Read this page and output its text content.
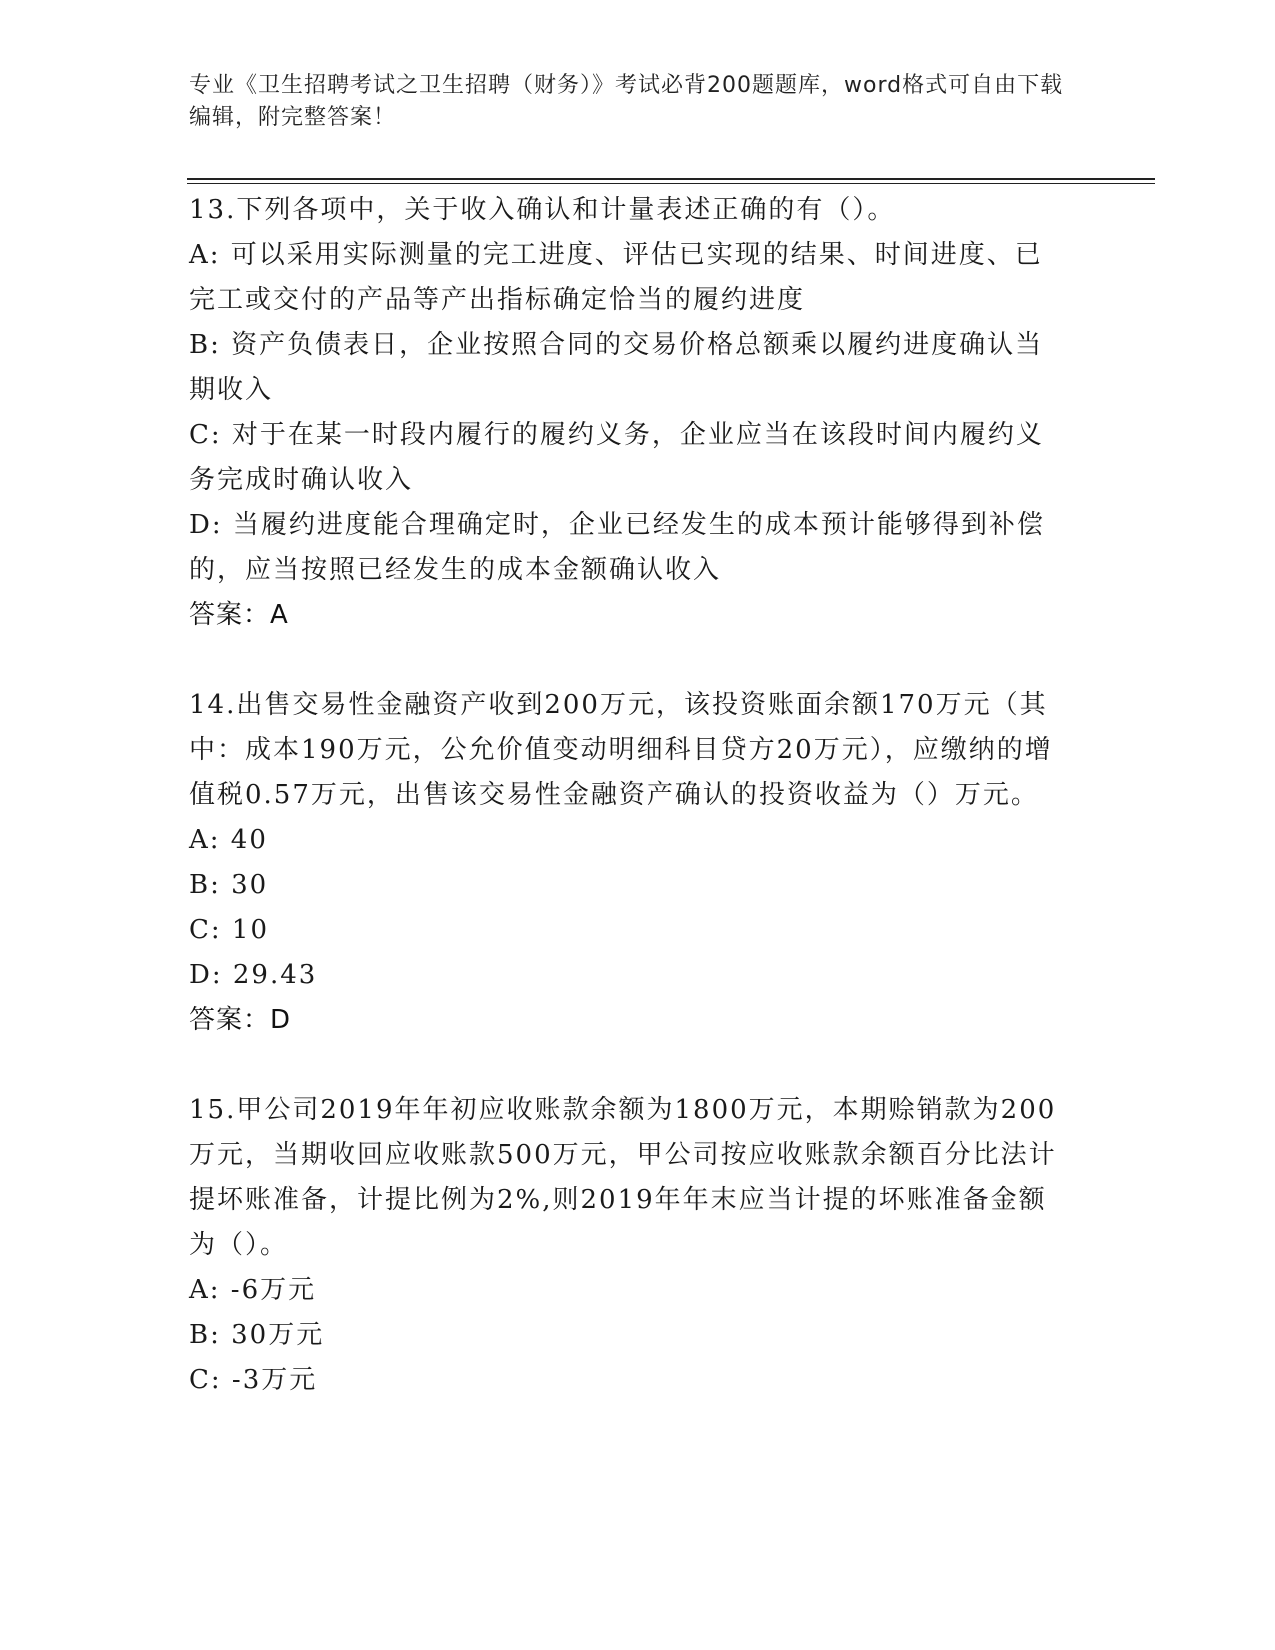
专业《卫生招聘考试之卫生招聘（财务）》考试必背200题题库，word格式可自由下载编辑，附完整答案！

13.下列各项中，关于收入确认和计量表述正确的有（）。

A: 可以采用实际测量的完工进度、评估已实现的结果、时间进度、已完工或交付的产品等产出指标确定恰当的履约进度

B: 资产负债表日，企业按照合同的交易价格总额乘以履约进度确认当期收入

C: 对于在某一时段内履行的履约义务，企业应当在该段时间内履约义务完成时确认收入

D: 当履约进度能合理确定时，企业已经发生的成本预计能够得到补偿的，应当按照已经发生的成本金额确认收入

答案：A

14.出售交易性金融资产收到200万元，该投资账面余额170万元（其中：成本190万元，公允价值变动明细科目贷方20万元），应缴纳的增值税0.57万元，出售该交易性金融资产确认的投资收益为（）万元。

A: 40

B: 30

C: 10

D: 29.43

答案：D

15.甲公司2019年年初应收账款余额为1800万元，本期赊销款为200万元，当期收回应收账款500万元，甲公司按应收账款余额百分比法计提坏账准备，计提比例为2%,则2019年年末应当计提的坏账准备金额为（）。

A: -6万元

B: 30万元

C: -3万元
